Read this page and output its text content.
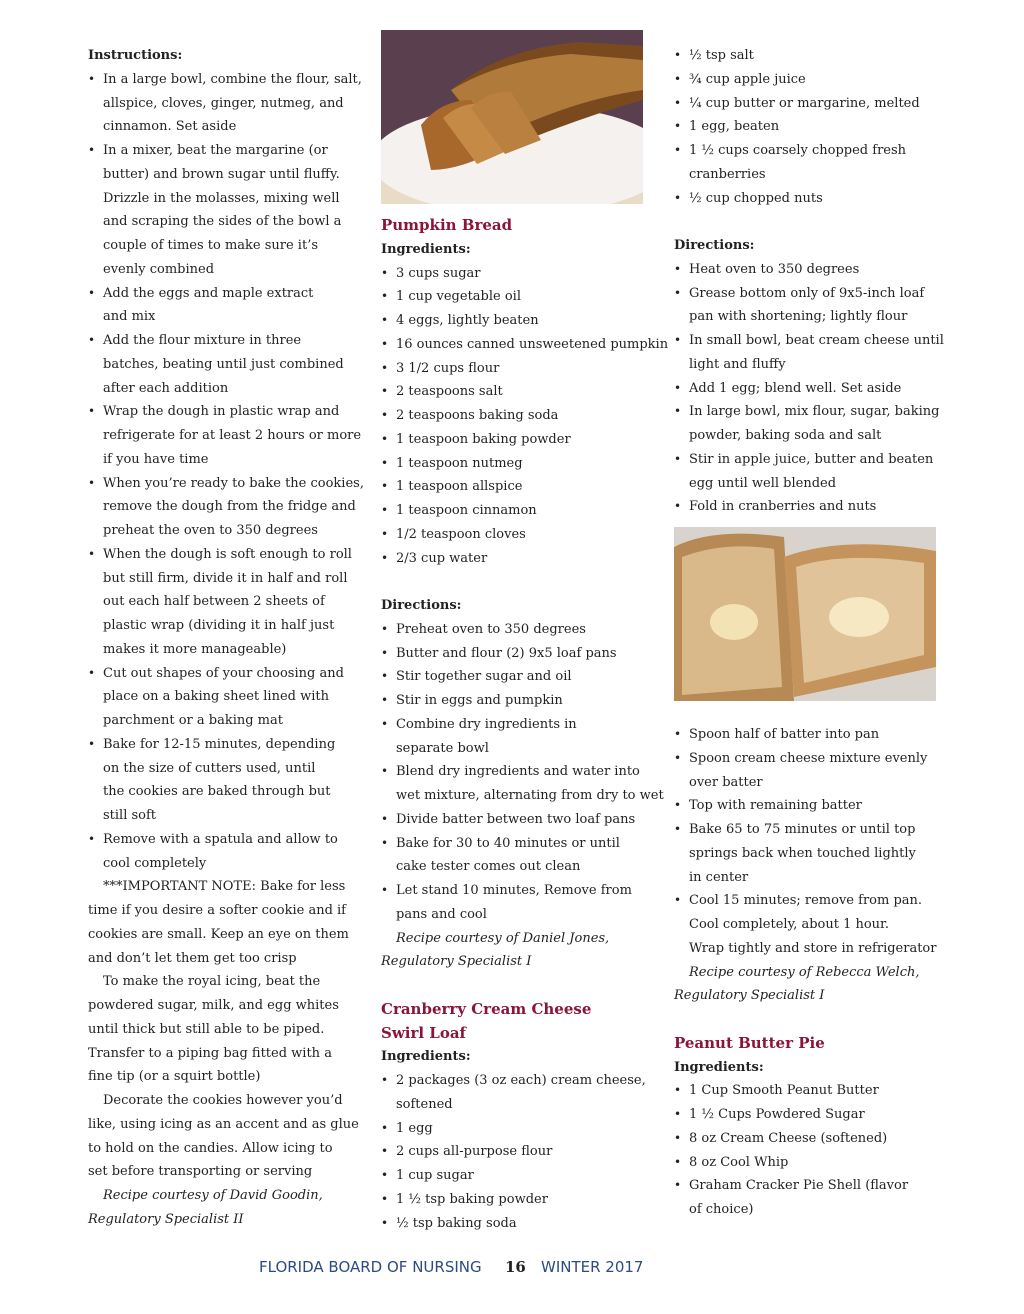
Instructions:
• In a large bowl, combine the flour, salt,
allspice, cloves, ginger, nutmeg, and
cinnamon. Set aside
• In a mixer, beat the margarine (or
butter) and brown sugar until fluffy.
Drizzle in the molasses, mixing well
and scraping the sides of the bowl a
couple of times to make sure it’s
evenly combined
• Add the eggs and maple extract
and mix
• Add the flour mixture in three
batches, beating until just combined
after each addition
• Wrap the dough in plastic wrap and
refrigerate for at least 2 hours or more
if you have time
• When you’re ready to bake the cookies,
remove the dough from the fridge and
preheat the oven to 350 degrees
• When the dough is soft enough to roll
but still firm, divide it in half and roll
out each half between 2 sheets of
plastic wrap (dividing it in half just
makes it more manageable)
• Cut out shapes of your choosing and
place on a baking sheet lined with
parchment or a baking mat
• Bake for 12-15 minutes, depending
on the size of cutters used, until
the cookies are baked through but
still soft
• Remove with a spatula and allow to
cool completely
***IMPORTANT NOTE: Bake for less
time if you desire a softer cookie and if
cookies are small. Keep an eye on them
and don’t let them get too crisp
To make the royal icing, beat the
powdered sugar, milk, and egg whites
until thick but still able to be piped.
Transfer to a piping bag fitted with a
fine tip (or a squirt bottle)
Decorate the cookies however you’d
like, using icing as an accent and as glue
to hold on the candies. Allow icing to
set before transporting or serving
Recipe courtesy of David Goodin,
Regulatory Specialist II
Pumpkin Bread
Ingredients:
• 3 cups sugar
• 1 cup vegetable oil
• 4 eggs, lightly beaten
• 16 ounces canned unsweetened pumpkin
• 3 1/2 cups flour
• 2 teaspoons salt
• 2 teaspoons baking soda
• 1 teaspoon baking powder
• 1 teaspoon nutmeg
• 1 teaspoon allspice
• 1 teaspoon cinnamon
• 1/2 teaspoon cloves
• 2/3 cup water
Directions:
• Preheat oven to 350 degrees
• Butter and flour (2) 9x5 loaf pans
• Stir together sugar and oil
• Stir in eggs and pumpkin
• Combine dry ingredients in
separate bowl
• Blend dry ingredients and water into
wet mixture, alternating from dry to wet
• Divide batter between two loaf pans
• Bake for 30 to 40 minutes or until
cake tester comes out clean
• Let stand 10 minutes, Remove from
pans and cool
Recipe courtesy of Daniel Jones,
Regulatory Specialist I
Cranberry Cream Cheese
Swirl Loaf
Ingredients:
• 2 packages (3 oz each) cream cheese,
softened
• 1 egg
• 2 cups all-purpose flour
• 1 cup sugar
• 1 ½ tsp baking powder
• ½ tsp baking soda
• ½ tsp salt
• ¾ cup apple juice
• ¼ cup butter or margarine, melted
• 1 egg, beaten
• 1 ½ cups coarsely chopped fresh
cranberries
• ½ cup chopped nuts
Directions:
• Heat oven to 350 degrees
• Grease bottom only of 9x5-inch loaf
pan with shortening; lightly flour
• In small bowl, beat cream cheese until
light and fluffy
• Add 1 egg; blend well. Set aside
• In large bowl, mix flour, sugar, baking
powder, baking soda and salt
• Stir in apple juice, butter and beaten
egg until well blended
• Fold in cranberries and nuts
• Spoon half of batter into pan
• Spoon cream cheese mixture evenly
over batter
• Top with remaining batter
• Bake 65 to 75 minutes or until top
springs back when touched lightly
in center
• Cool 15 minutes; remove from pan.
Cool completely, about 1 hour.
Wrap tightly and store in refrigerator
Recipe courtesy of Rebecca Welch,
Regulatory Specialist I
Peanut Butter Pie
Ingredients:
• 1 Cup Smooth Peanut Butter
• 1 ½ Cups Powdered Sugar
• 8 oz Cream Cheese (softened)
• 8 oz Cool Whip
• Graham Cracker Pie Shell (flavor
of choice)
FLORIDA BOARD OF NURSING 16 WINTER 2017
